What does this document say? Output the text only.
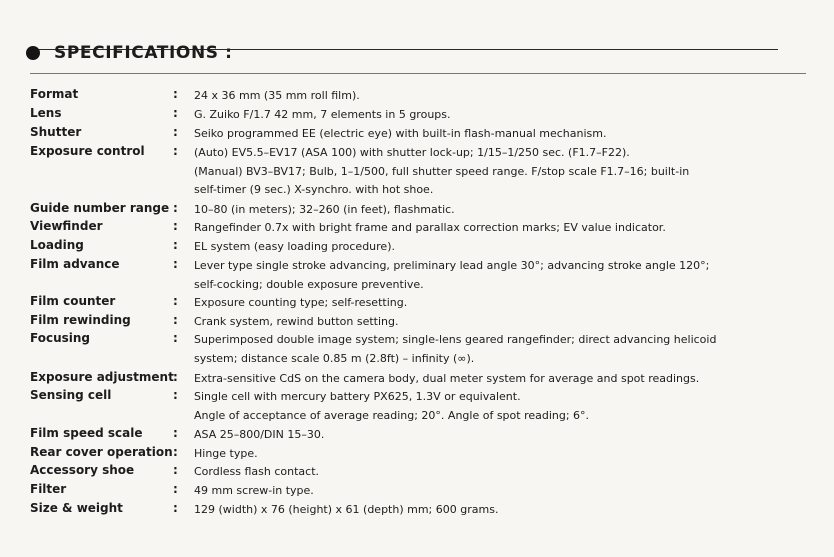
SPECIFICATIONS :
Format	: 24 x 36 mm (35 mm roll film).
Lens	: G. Zuiko F/1.7 42 mm, 7 elements in 5 groups.
Shutter	: Seiko programmed EE (electric eye) with built-in flash-manual mechanism.
Exposure control : (Auto) EV5.5–EV17 (ASA 100) with shutter lock-up; 1/15–1/250 sec. (F1.7–F22).
(Manual) BV3–BV17; Bulb, 1–1/500, full shutter speed range. F/stop scale F1.7–16; built-in
self-timer (9 sec.) X-synchro. with hot shoe.
Guide number range : 10–80 (in meters); 32–260 (in feet), flashmatic.
Viewfinder	: Rangefinder 0.7x with bright frame and parallax correction marks; EV value indicator.
Loading	: EL system (easy loading procedure).
Film advance	: Lever type single stroke advancing, preliminary lead angle 30°; advancing stroke angle 120°;
self-cocking; double exposure preventive.
Film counter	: Exposure counting type; self-resetting.
Film rewinding	: Crank system, rewind button setting.
Focusing	: Superimposed double image system; single-lens geared rangefinder; direct advancing helicoid
system; distance scale 0.85 m (2.8ft) – infinity (∞).
Exposure adjustment : Extra-sensitive CdS on the camera body, dual meter system for average and spot readings.
Sensing cell	: Single cell with mercury battery PX625, 1.3V or equivalent.
Angle of acceptance of average reading; 20°. Angle of spot reading; 6°.
Film speed scale	: ASA 25–800/DIN 15–30.
Rear cover operation : Hinge type.
Accessory shoe	: Cordless flash contact.
Filter	: 49 mm screw-in type.
Size & weight	: 129 (width) x 76 (height) x 61 (depth) mm; 600 grams.
